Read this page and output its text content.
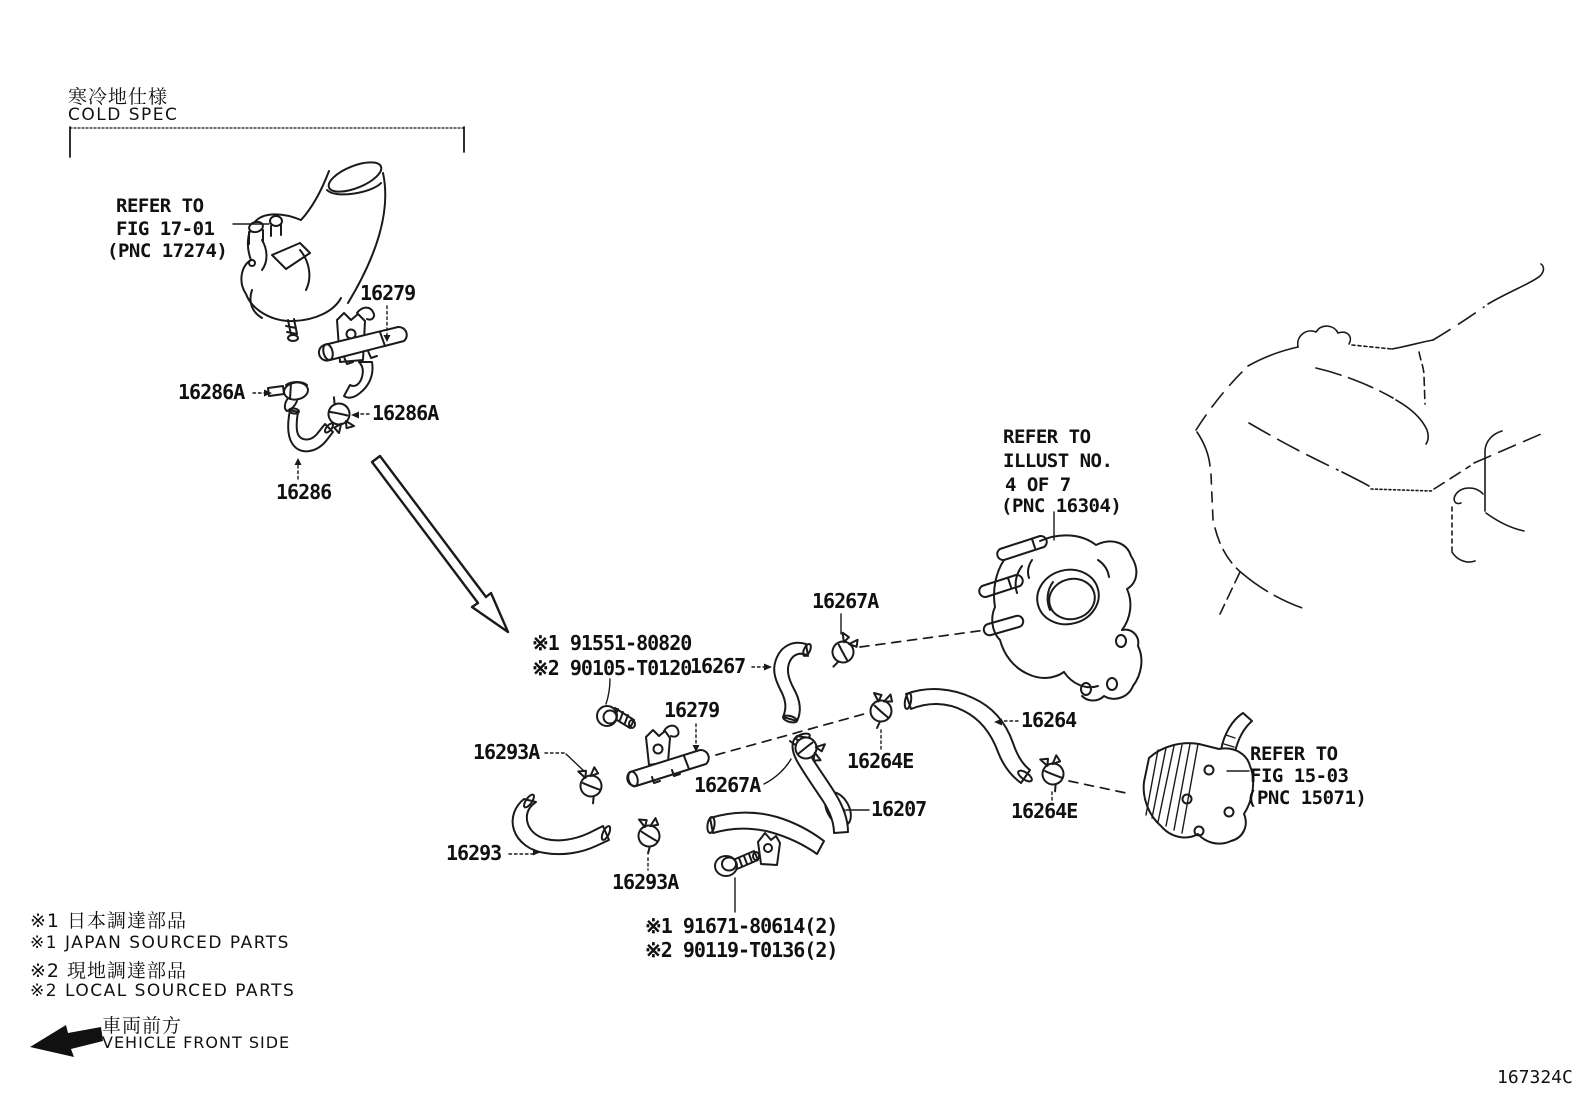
寒冷地仕様
COLD SPEC
REFER TO
FIG 17-01
(PNC 17274)
16279
16286A
16286A
16286
※1 91551-80820
※2 90105-T0120
16267
16267A
REFER TO
ILLUST NO.
4 OF 7
(PNC 16304)
16279
16293A
16267A
16264E
16264
16264E
16207
16293
16293A
※1 91671-80614(2)
※2 90119-T0136(2)
REFER TO
FIG 15-03
(PNC 15071)
※1 日本調達部品
※1 JAPAN SOURCED PARTS
※2 現地調達部品
※2 LOCAL SOURCED PARTS
車両前方
VEHICLE FRONT SIDE
167324C
